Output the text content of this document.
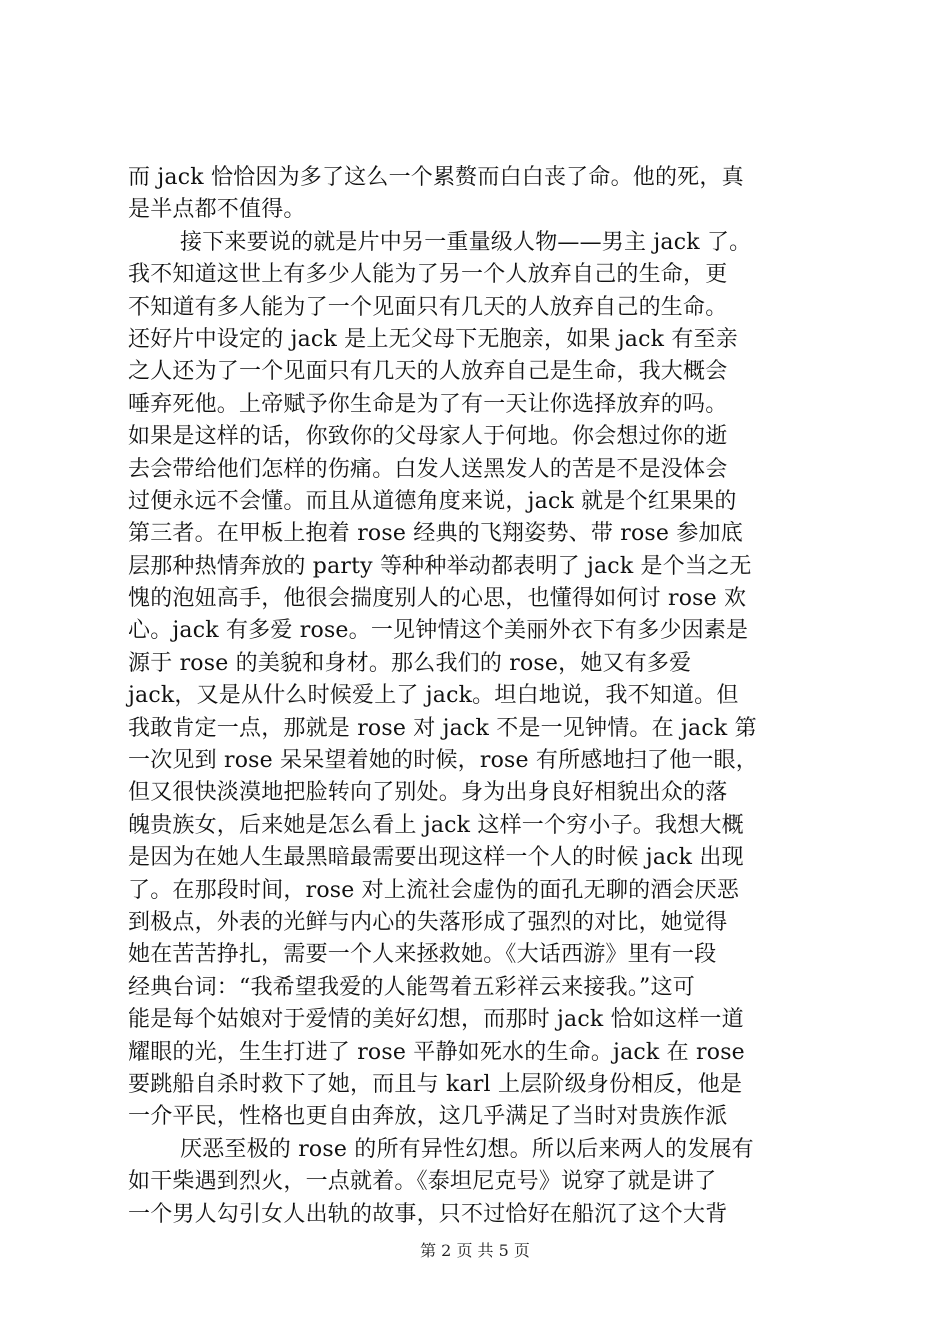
而 jack 恰恰因为多了这么一个累赘而白白丧了命。他的死，真
是半点都不值得。
接下来要说的就是片中另一重量级人物——男主 jack 了。
我不知道这世上有多少人能为了另一个人放弃自己的生命，更
不知道有多人能为了一个见面只有几天的人放弃自己的生命。
还好片中设定的 jack 是上无父母下无胞亲，如果 jack 有至亲
之人还为了一个见面只有几天的人放弃自己是生命，我大概会
唾弃死他。上帝赋予你生命是为了有一天让你选择放弃的吗。
如果是这样的话，你致你的父母家人于何地。你会想过你的逝
去会带给他们怎样的伤痛。白发人送黑发人的苦是不是没体会
过便永远不会懂。而且从道德角度来说，jack 就是个红果果的
第三者。在甲板上抱着 rose 经典的飞翔姿势、带 rose 参加底
层那种热情奔放的 party 等种种举动都表明了 jack 是个当之无
愧的泡妞高手，他很会揣度别人的心思，也懂得如何讨 rose 欢
心。jack 有多爱 rose。一见钟情这个美丽外衣下有多少因素是
源于 rose 的美貌和身材。那么我们的 rose，她又有多爱
jack，又是从什么时候爱上了 jack。坦白地说，我不知道。但
我敢肯定一点，那就是 rose 对 jack 不是一见钟情。在 jack 第
一次见到 rose 呆呆望着她的时候，rose 有所感地扫了他一眼，
但又很快淡漠地把脸转向了别处。身为出身良好相貌出众的落
魄贵族女，后来她是怎么看上 jack 这样一个穷小子。我想大概
是因为在她人生最黑暗最需要出现这样一个人的时候 jack 出现
了。在那段时间，rose 对上流社会虚伪的面孔无聊的酒会厌恶
到极点，外表的光鲜与内心的失落形成了强烈的对比，她觉得
她在苦苦挣扎，需要一个人来拯救她。《大话西游》里有一段
经典台词：“我希望我爱的人能驾着五彩祥云来接我。”这可
能是每个姑娘对于爱情的美好幻想，而那时 jack 恰如这样一道
耀眼的光，生生打进了 rose 平静如死水的生命。jack 在 rose
要跳船自杀时救下了她，而且与 karl 上层阶级身份相反，他是
一介平民，性格也更自由奔放，这几乎满足了当时对贵族作派
厌恶至极的 rose 的所有异性幻想。所以后来两人的发展有
如干柴遇到烈火，一点就着。《泰坦尼克号》说穿了就是讲了
一个男人勾引女人出轨的故事，只不过恰好在船沉了这个大背
第 2 页 共 5 页
